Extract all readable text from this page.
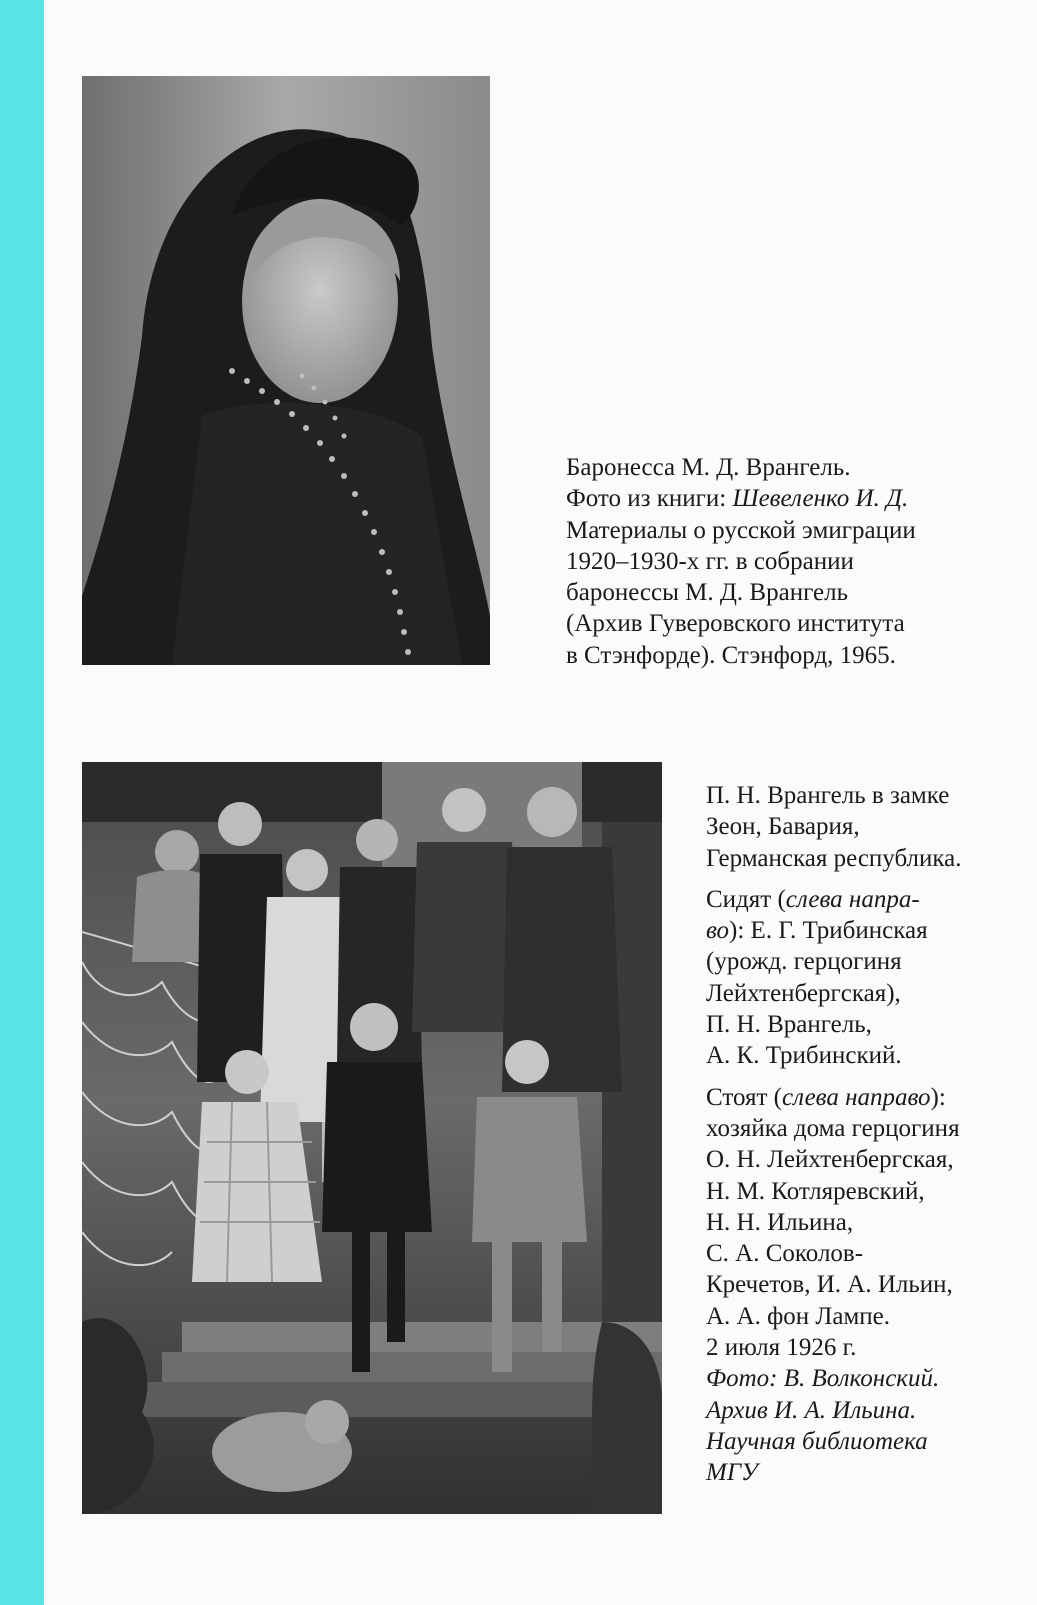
Баронесса М. Д. Врангель.
Фото из книги: Шевеленко И. Д.
Материалы о русской эмиграции
1920–1930-х гг. в собрании
баронессы М. Д. Врангель
(Архив Гуверовского института
в Стэнфорде). Стэнфорд, 1965.
П. Н. Врангель в замке
Зеон, Бавария,
Германская республика.
Сидят (слева напра-
во): Е. Г. Трибинская
(урожд. герцогиня
Лейхтенбергская),
П. Н. Врангель,
А. К. Трибинский.
Стоят (слева направо):
хозяйка дома герцогиня
О. Н. Лейхтенбергская,
Н. М. Котляревский,
Н. Н. Ильина,
С. А. Соколов-
Кречетов, И. А. Ильин,
А. А. фон Лампе.
2 июля 1926 г.
Фото: В. Волконский.
Архив И. А. Ильина.
Научная библиотека
МГУ
